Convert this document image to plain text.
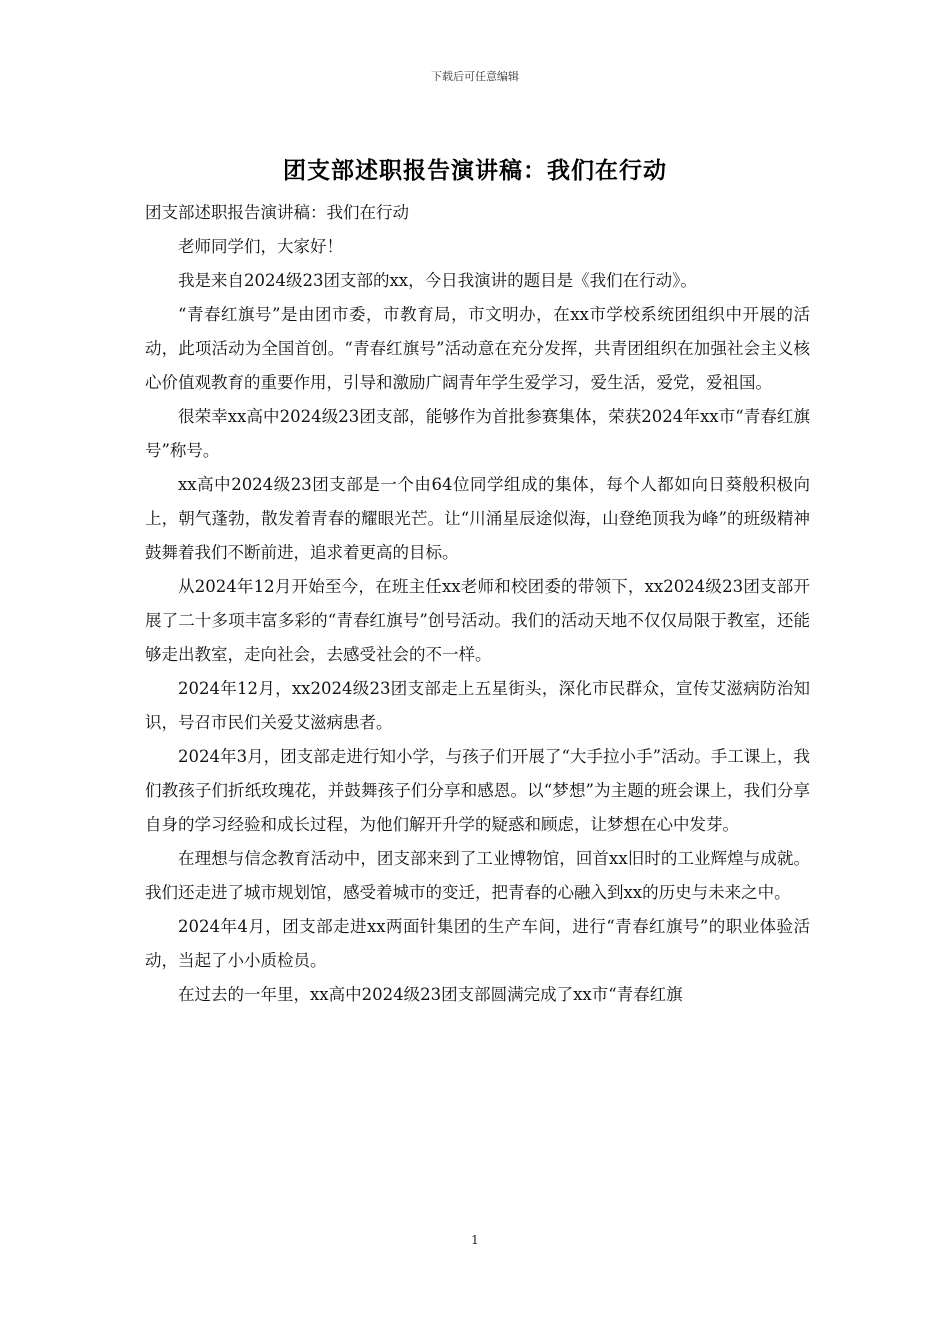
下载后可任意编辑
团支部述职报告演讲稿：我们在行动

团支部述职报告演讲稿：我们在行动

老师同学们，大家好！

我是来自2024级23团支部的xx，今日我演讲的题目是《我们在行动》。

“青春红旗号”是由团市委，市教育局，市文明办，在xx市学校系统团组织中开展的活动，此项活动为全国首创。“青春红旗号”活动意在充分发挥，共青团组织在加强社会主义核心价值观教育的重要作用，引导和激励广阔青年学生爱学习，爱生活，爱党，爱祖国。

很荣幸xx高中2024级23团支部，能够作为首批参赛集体，荣获2024年xx市“青春红旗号”称号。

xx高中2024级23团支部是一个由64位同学组成的集体，每个人都如向日葵般积极向上，朝气蓬勃，散发着青春的耀眼光芒。让“川涌星辰途似海，山登绝顶我为峰”的班级精神鼓舞着我们不断前进，追求着更高的目标。

从2024年12月开始至今，在班主任xx老师和校团委的带领下，xx2024级23团支部开展了二十多项丰富多彩的“青春红旗号”创号活动。我们的活动天地不仅仅局限于教室，还能够走出教室，走向社会，去感受社会的不一样。

2024年12月，xx2024级23团支部走上五星街头，深化市民群众，宣传艾滋病防治知识，号召市民们关爱艾滋病患者。

2024年3月，团支部走进行知小学，与孩子们开展了“大手拉小手”活动。手工课上，我们教孩子们折纸玫瑰花，并鼓舞孩子们分享和感恩。以“梦想”为主题的班会课上，我们分享自身的学习经验和成长过程，为他们解开升学的疑惑和顾虑，让梦想在心中发芽。

在理想与信念教育活动中，团支部来到了工业博物馆，回首xx旧时的工业辉煌与成就。我们还走进了城市规划馆，感受着城市的变迁，把青春的心融入到xx的历史与未来之中。

2024年4月，团支部走进xx两面针集团的生产车间，进行“青春红旗号”的职业体验活动，当起了小小质检员。

在过去的一年里，xx高中2024级23团支部圆满完成了xx市“青春红旗

1
